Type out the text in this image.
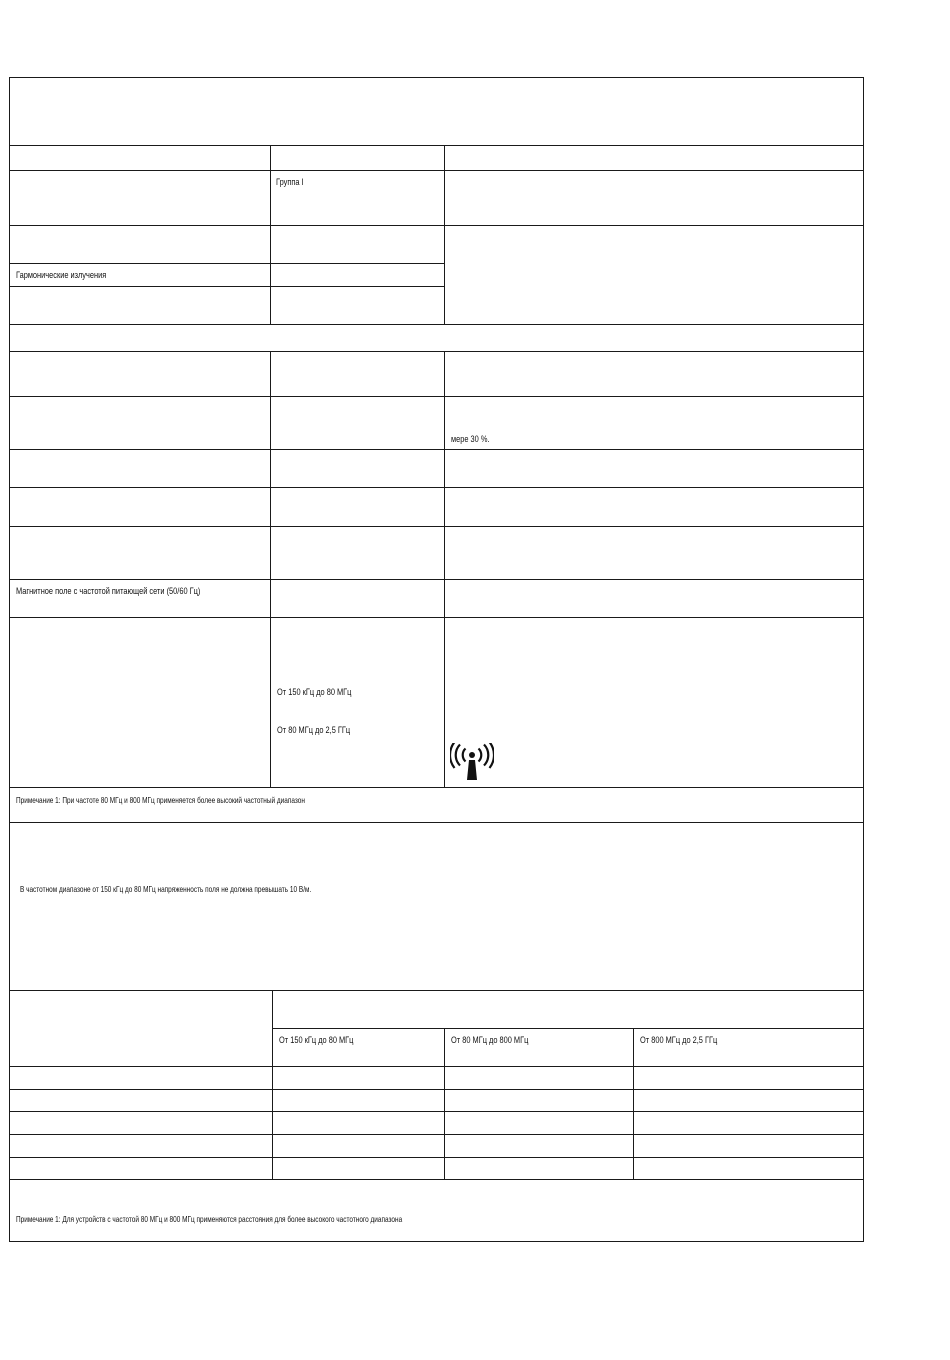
Группа I
Гармонические излучения
мере 30 %.
Магнитное поле с частотой питающей сети (50/60 Гц)
От 150 кГц до 80 МГц
От 80 МГц до 2,5 ГГц
Примечание 1: При частоте 80 МГц и 800 МГц применяется более высокий частотный диапазон
В частотном диапазоне от 150 кГц до 80 МГц напряженность поля не должна превышать 10 В/м.
От 150 кГц до 80 МГц	От 80 МГц до 800 МГц	От 800 МГц до 2,5 ГГц
Примечание 1: Для устройств с частотой 80 МГц и 800 МГц применяются расстояния для более высокого частотного диапазона
